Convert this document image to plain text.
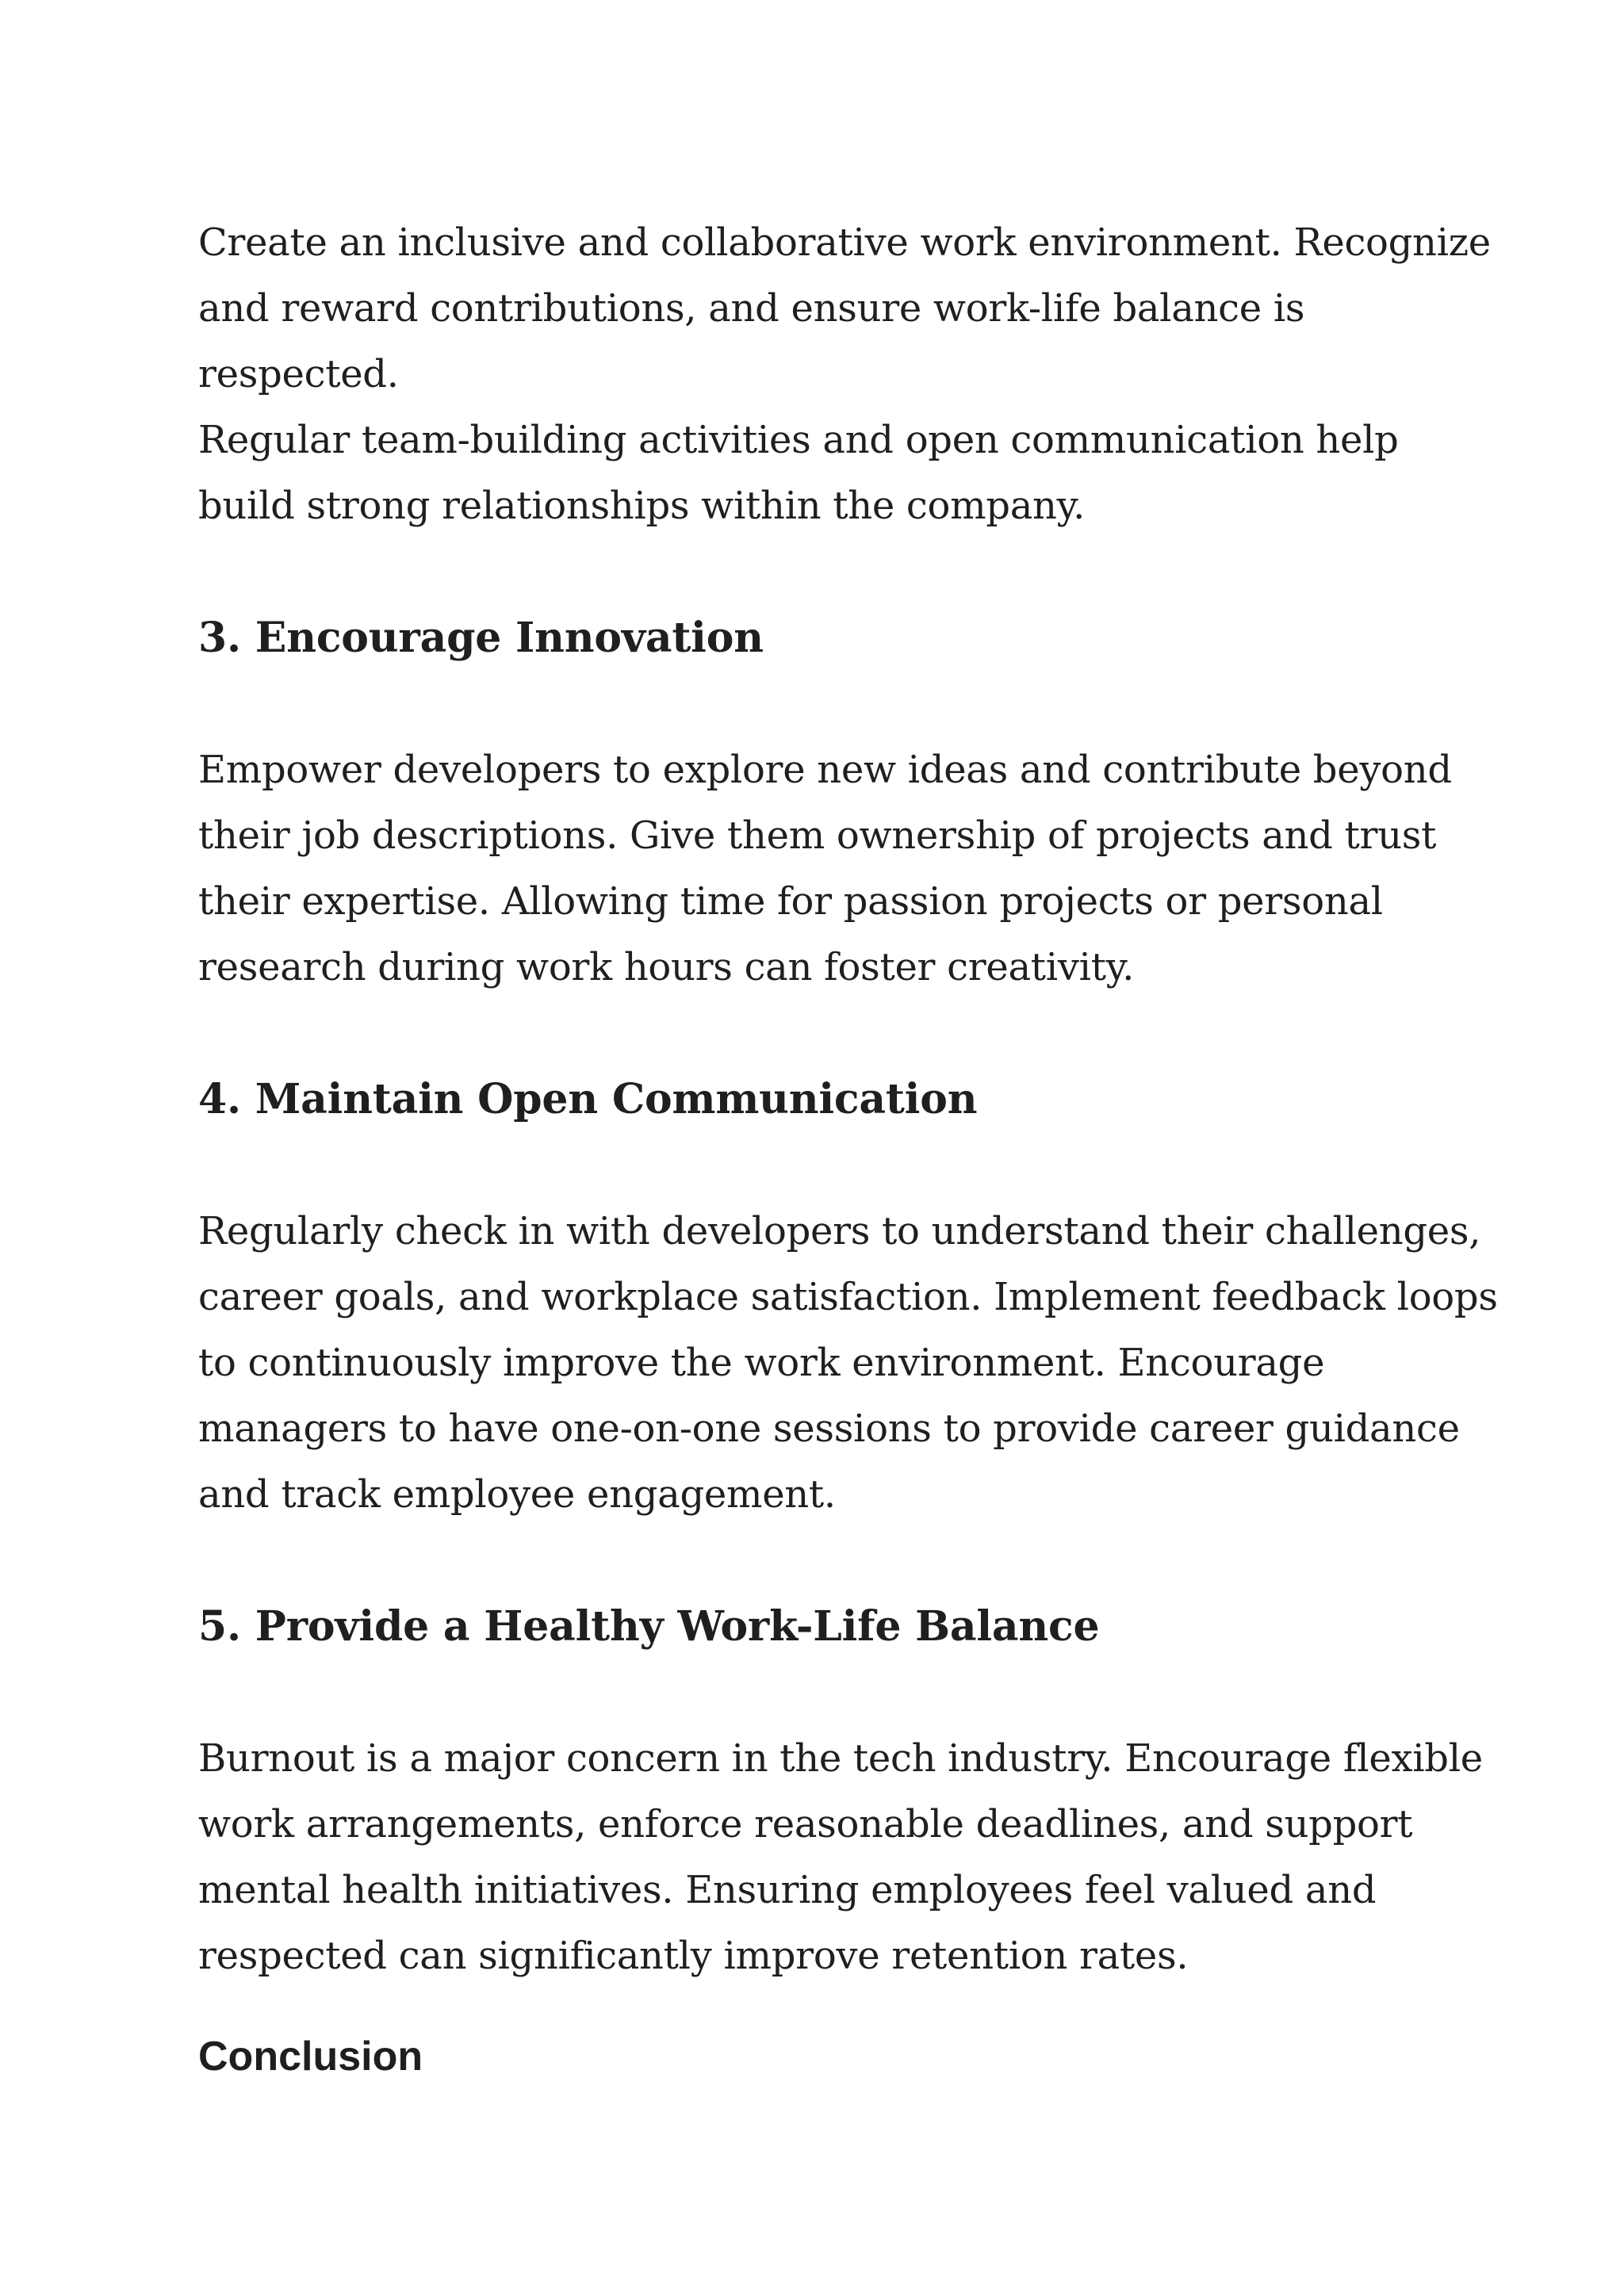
Create an inclusive and collaborative work environment. Recognize
and reward contributions, and ensure work-life balance is respected.
Regular team-building activities and open communication help
build strong relationships within the company.

3. Encourage Innovation

Empower developers to explore new ideas and contribute beyond
their job descriptions. Give them ownership of projects and trust
their expertise. Allowing time for passion projects or personal
research during work hours can foster creativity.

4. Maintain Open Communication

Regularly check in with developers to understand their challenges,
career goals, and workplace satisfaction. Implement feedback loops
to continuously improve the work environment. Encourage
managers to have one-on-one sessions to provide career guidance
and track employee engagement.

5. Provide a Healthy Work-Life Balance

Burnout is a major concern in the tech industry. Encourage flexible
work arrangements, enforce reasonable deadlines, and support
mental health initiatives. Ensuring employees feel valued and
respected can significantly improve retention rates.

Conclusion
